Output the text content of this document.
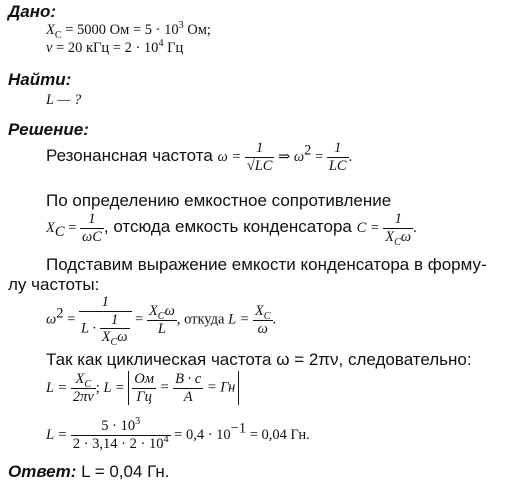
Дано:
$X_C = 5000$ Ом = $5 \cdot 10^3$ Ом;
ν = 20 кГц = $2 \cdot 10^4$ Гц
Найти:
L — ?
Решение:
Резонансная частота $\omega = \frac{1}{√LC}$ ⇒ $\omega^2 = \frac{1}{LC}$ .
По определению емкостное сопротивление
$X_C = \frac{1}{\omega C}$ , отсюда емкость конденсатора $C = \frac{1}{X_C\omega}$ .
Подставим выражение емкости конденсатора в форму-
лу частоты:
$\omega^2 = \frac{1}{L \cdot \frac{1}{X_C\omega}} = \frac{X_C\omega}{L}$ , откуда $L = \frac{X_C}{\omega}$ .
Так как циклическая частота ω = 2πν, следовательно:
$L = \frac{X_C}{2\pi\nu}$ ; $L = \frac{Ом}{Гц} = \frac{В \cdot с}{А}$ = Гн
$L = \frac{5 \cdot 10^3}{2 \cdot 3,14 \cdot 2 \cdot 10^4} = 0,4 \cdot 10^{-1} = 0,04$ Гн.
Ответ: L = 0,04 Гн.
